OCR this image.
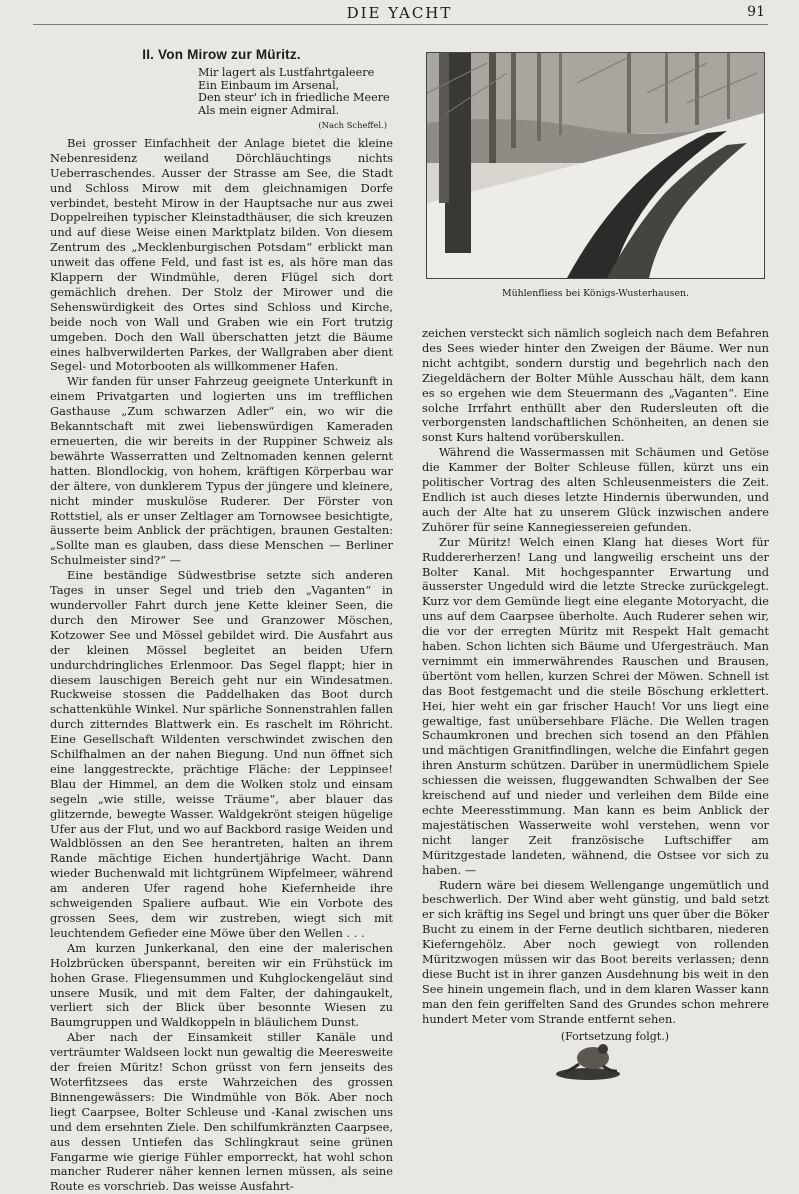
DIE YACHT	91
II. Von Mirow zur Müritz.
Mir lagert als Lustfahrtgaleere
Ein Einbaum im Arsenal,
Den steur' ich in friedliche Meere
Als mein eigner Admiral.
(Nach Scheffel.)

Bei grosser Einfachheit der Anlage bietet die kleine Nebenresidenz weiland Dörchläuchtings nichts Ueberraschendes. Ausser der Strasse am See, die Stadt und Schloss Mirow mit dem gleichnamigen Dorfe verbindet, besteht Mirow in der Hauptsache nur aus zwei Doppelreihen typischer Kleinstadthäuser, die sich kreuzen und auf diese Weise einen Marktplatz bilden. Von diesem Zentrum des „Mecklenburgischen Potsdam“ erblickt man unweit das offene Feld, und fast ist es, als höre man das Klappern der Windmühle, deren Flügel sich dort gemächlich drehen. Der Stolz der Mirower und die Sehenswürdigkeit des Ortes sind Schloss und Kirche, beide noch von Wall und Graben wie ein Fort trutzig umgeben. Doch den Wall überschatten jetzt die Bäume eines halbverwilderten Parkes, der Wallgraben aber dient Segel- und Motorbooten als willkommener Hafen.

Wir fanden für unser Fahrzeug geeignete Unterkunft in einem Privatgarten und logierten uns im trefflichen Gasthause „Zum schwarzen Adler“ ein, wo wir die Bekanntschaft mit zwei liebenswürdigen Kameraden erneuerten, die wir bereits in der Ruppiner Schweiz als bewährte Wasserratten und Zeltnomaden kennen gelernt hatten. Blondlockig, von hohem, kräftigen Körperbau war der ältere, von dunklerem Typus der jüngere und kleinere, nicht minder muskulöse Ruderer. Der Förster von Rottstiel, als er unser Zeltlager am Tornowsee besichtigte, äusserte beim Anblick der prächtigen, braunen Gestalten: „Sollte man es glauben, dass diese Menschen — Berliner Schulmeister sind?“ —

Eine beständige Südwestbrise setzte sich anderen Tages in unser Segel und trieb den „Vaganten“ in wundervoller Fahrt durch jene Kette kleiner Seen, die durch den Mirower See und Granzower Möschen, Kotzower See und Mössel gebildet wird. Die Ausfahrt aus der kleinen Mössel begleitet an beiden Ufern undurchdringliches Erlenmoor. Das Segel flappt; hier in diesem lauschigen Bereich geht nur ein Windesatmen. Ruckweise stossen die Paddelhaken das Boot durch schattenkühle Winkel. Nur spärliche Sonnenstrahlen fallen durch zitterndes Blattwerk ein. Es raschelt im Röhricht. Eine Gesellschaft Wildenten verschwindet zwischen den Schilfhalmen an der nahen Biegung. Und nun öffnet sich eine langgestreckte, prächtige Fläche: der Leppinsee! Blau der Himmel, an dem die Wolken stolz und einsam segeln „wie stille, weisse Träume“, aber blauer das glitzernde, bewegte Wasser. Waldgekrönt steigen hügelige Ufer aus der Flut, und wo auf Backbord rasige Weiden und Waldblössen an den See herantreten, halten an ihrem Rande mächtige Eichen hundertjährige Wacht. Dann wieder Buchenwald mit lichtgrünem Wipfelmeer, während am anderen Ufer ragend hohe Kiefernheide ihre schweigenden Spaliere aufbaut. Wie ein Vorbote des grossen Sees, dem wir zustreben, wiegt sich mit leuchtendem Gefieder eine Möwe über den Wellen . . .

Am kurzen Junkerkanal, den eine der malerischen Holzbrücken überspannt, bereiten wir ein Frühstück im hohen Grase. Fliegensummen und Kuhglockengeläut sind unsere Musik, und mit dem Falter, der dahingaukelt, verliert sich der Blick über besonnte Wiesen zu Baumgruppen und Waldkoppeln in bläulichem Dunst.

Aber nach der Einsamkeit stiller Kanäle und verträumter Waldseen lockt nun gewaltig die Meeresweite der freien Müritz! Schon grüsst von fern jenseits des Woterfitzsees das erste Wahrzeichen des grossen Binnengewässers: Die Windmühle von Bök. Aber noch liegt Caarpsee, Bolter Schleuse und -Kanal zwischen uns und dem ersehnten Ziele. Den schilfumkränzten Caarpsee, aus dessen Untiefen das Schlingkraut seine grünen Fangarme wie gierige Fühler emporreckt, hat wohl schon mancher Ruderer näher kennen lernen müssen, als seine Route es vorschrieb. Das weisse Ausfahrt-

Mühlenfliess bei Königs-Wusterhausen.

zeichen versteckt sich nämlich sogleich nach dem Befahren des Sees wieder hinter den Zweigen der Bäume. Wer nun nicht achtgibt, sondern durstig und begehrlich nach den Ziegeldächern der Bolter Mühle Ausschau hält, dem kann es so ergehen wie dem Steuermann des „Vaganten“. Eine solche Irrfahrt enthüllt aber den Rudersleuten oft die verborgensten landschaftlichen Schönheiten, an denen sie sonst Kurs haltend vorüberskullen.

Während die Wassermassen mit Schäumen und Getöse die Kammer der Bolter Schleuse füllen, kürzt uns ein politischer Vortrag des alten Schleusenmeisters die Zeit. Endlich ist auch dieses letzte Hindernis überwunden, und auch der Alte hat zu unserem Glück inzwischen andere Zuhörer für seine Kannegiessereien gefunden.

Zur Müritz! Welch einen Klang hat dieses Wort für Ruddererherzen! Lang und langweilig erscheint uns der Bolter Kanal. Mit hochgespannter Erwartung und äusserster Ungeduld wird die letzte Strecke zurückgelegt. Kurz vor dem Gemünde liegt eine elegante Motoryacht, die uns auf dem Caarpsee überholte. Auch Ruderer sehen wir, die vor der erregten Müritz mit Respekt Halt gemacht haben. Schon lichten sich Bäume und Ufergesträuch. Man vernimmt ein immerwährendes Rauschen und Brausen, übertönt vom hellen, kurzen Schrei der Möwen. Schnell ist das Boot festgemacht und die steile Böschung erklettert. Hei, hier weht ein gar frischer Hauch! Vor uns liegt eine gewaltige, fast unübersehbare Fläche. Die Wellen tragen Schaumkronen und brechen sich tosend an den Pfählen und mächtigen Granitfindlingen, welche die Einfahrt gegen ihren Ansturm schützen. Darüber in unermüdlichem Spiele schiessen die weissen, fluggewandten Schwalben der See kreischend auf und nieder und verleihen dem Bilde eine echte Meeresstimmung. Man kann es beim Anblick der majestätischen Wasserweite wohl verstehen, wenn vor nicht langer Zeit französische Luftschiffer am Müritzgestade landeten, wähnend, die Ostsee vor sich zu haben. —

Rudern wäre bei diesem Wellengange ungemütlich und beschwerlich. Der Wind aber weht günstig, und bald setzt er sich kräftig ins Segel und bringt uns quer über die Böker Bucht zu einem in der Ferne deutlich sichtbaren, niederen Kieferngehölz. Aber noch gewiegt von rollenden Müritzwogen müssen wir das Boot bereits verlassen; denn diese Bucht ist in ihrer ganzen Ausdehnung bis weit in den See hinein ungemein flach, und in dem klaren Wasser kann man den fein geriffelten Sand des Grundes schon mehrere hundert Meter vom Strande entfernt sehen.

(Fortsetzung folgt.)
